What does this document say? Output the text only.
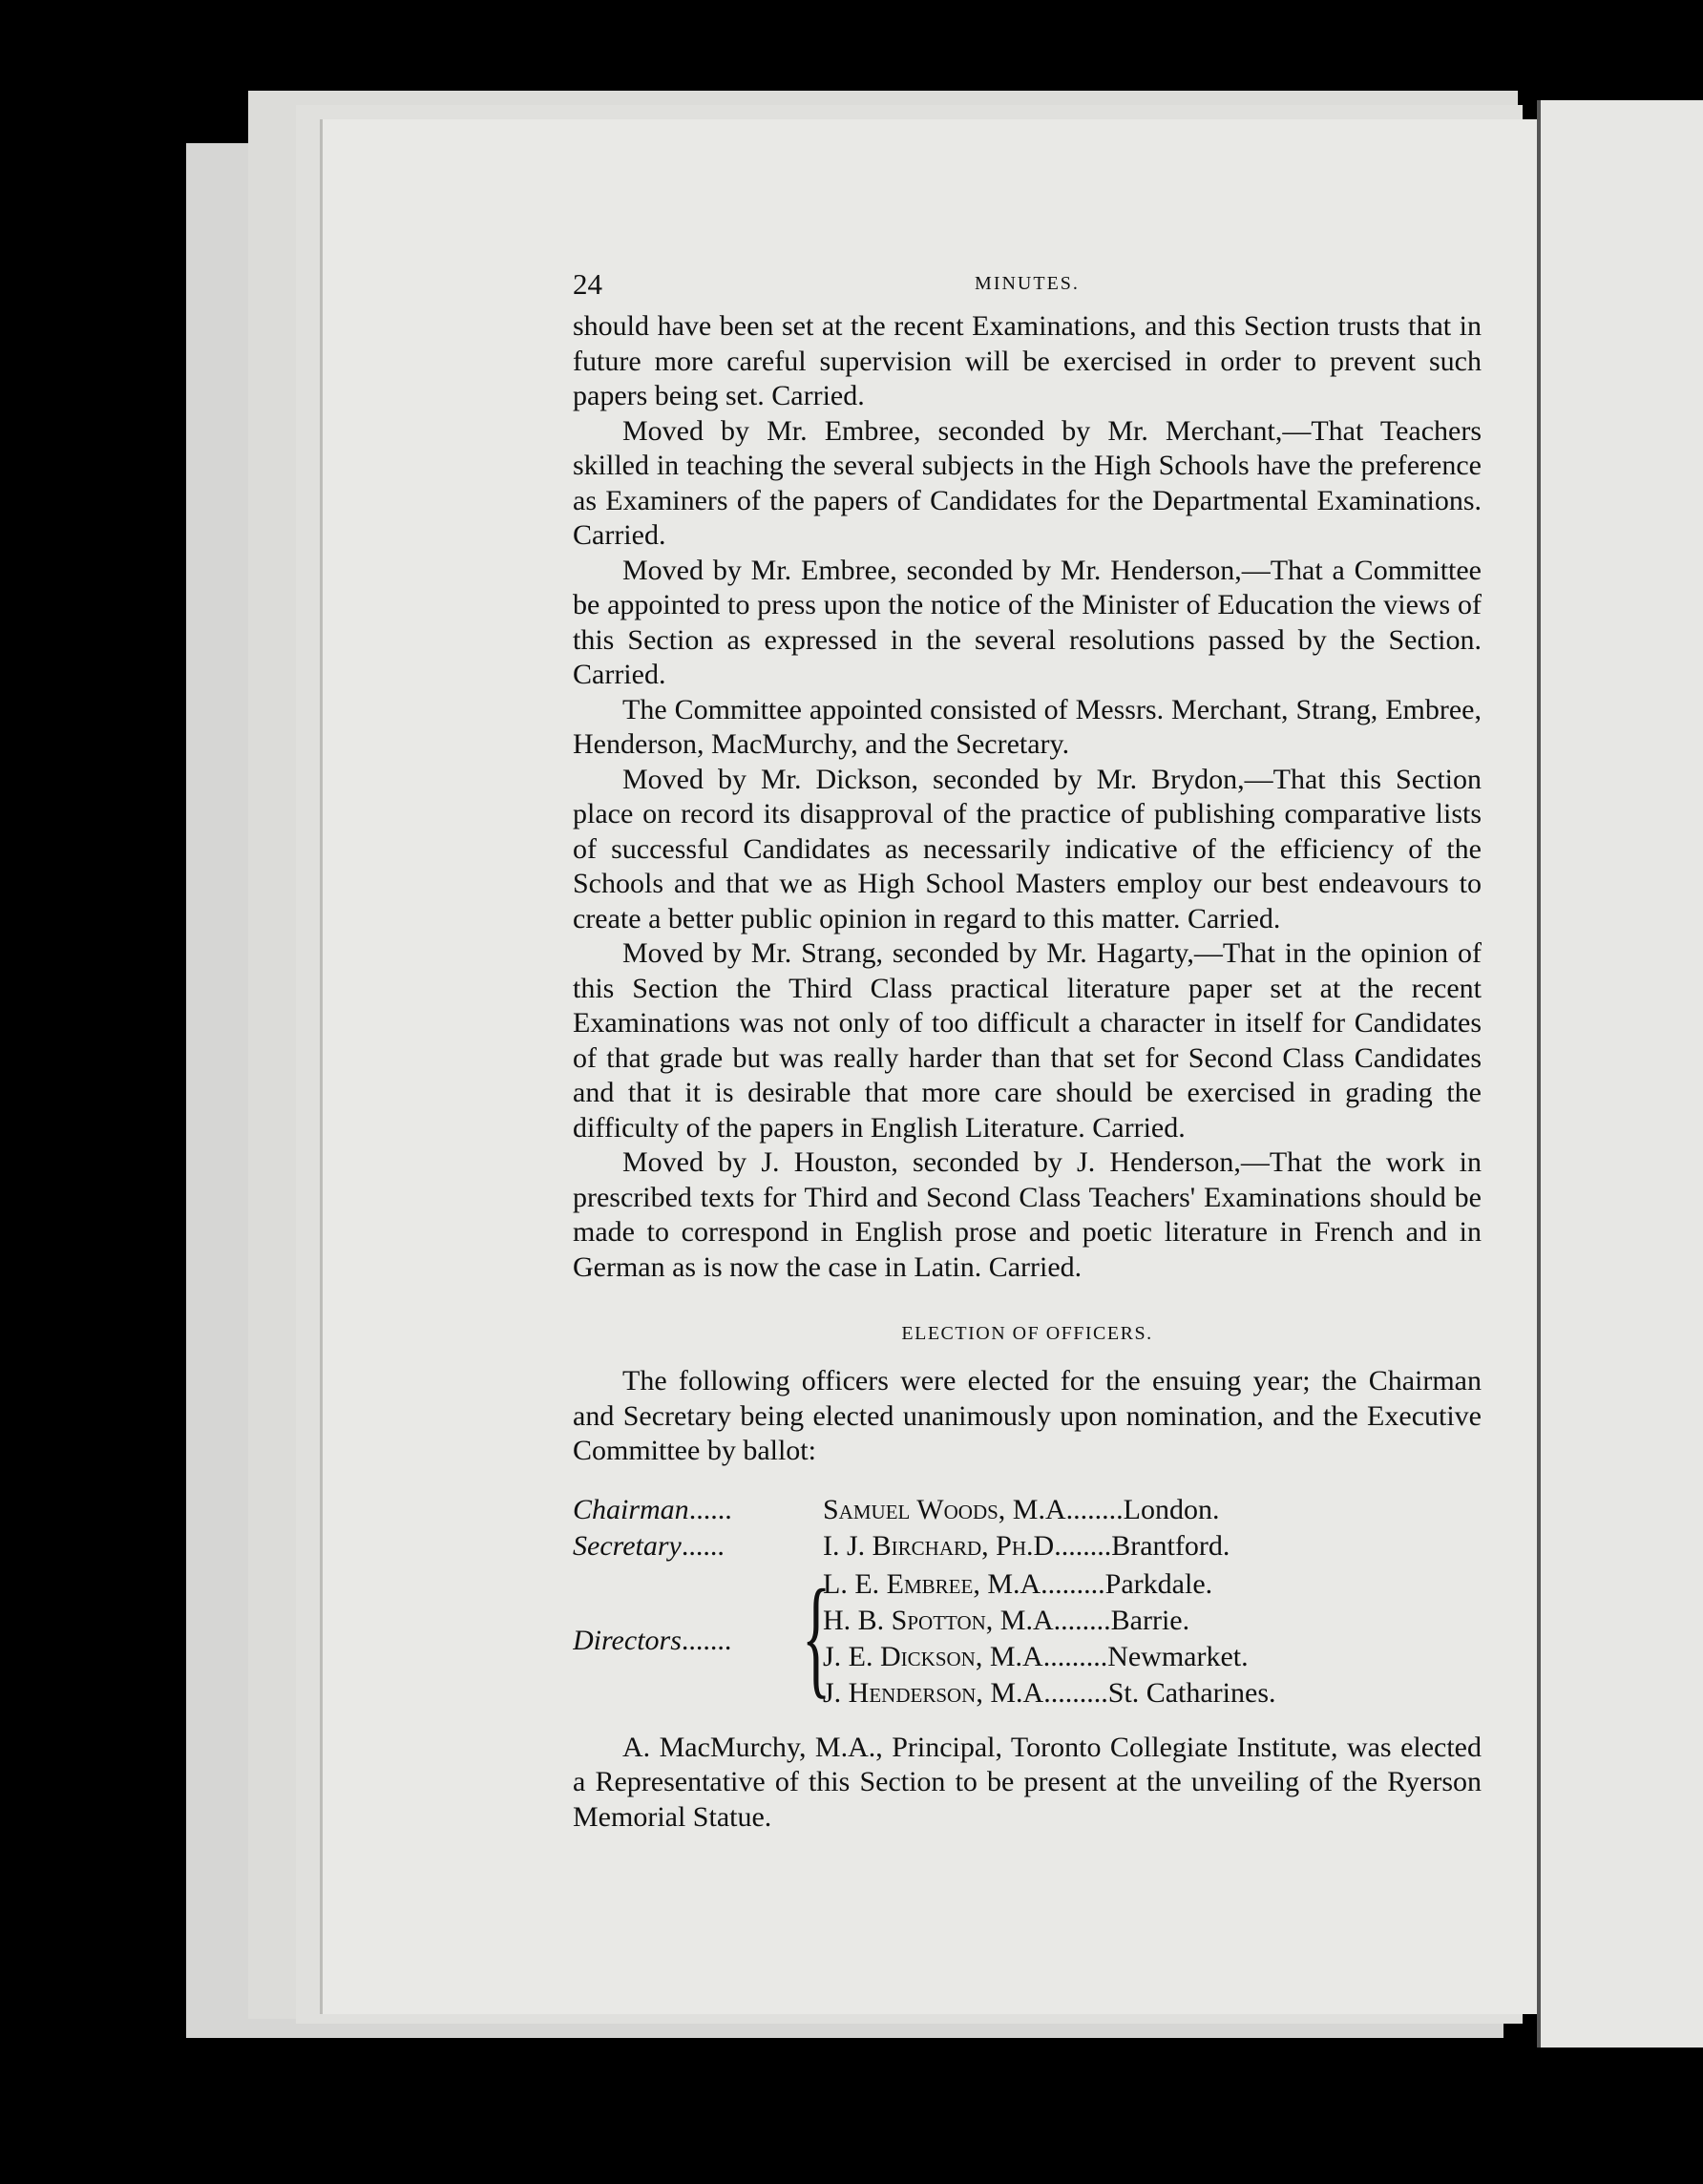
24	MINUTES.

should have been set at the recent Examinations, and this Section trusts that in future more careful supervision will be exercised in order to prevent such papers being set. Carried.

Moved by Mr. Embree, seconded by Mr. Merchant,—That Teachers skilled in teaching the several subjects in the High Schools have the preference as Examiners of the papers of Candidates for the Departmental Examinations. Carried.

Moved by Mr. Embree, seconded by Mr. Henderson,—That a Committee be appointed to press upon the notice of the Minister of Education the views of this Section as expressed in the several resolutions passed by the Section. Carried.

The Committee appointed consisted of Messrs. Merchant, Strang, Embree, Henderson, MacMurchy, and the Secretary.

Moved by Mr. Dickson, seconded by Mr. Brydon,—That this Section place on record its disapproval of the practice of publishing comparative lists of successful Candidates as necessarily indicative of the efficiency of the Schools and that we as High School Masters employ our best endeavours to create a better public opinion in regard to this matter. Carried.

Moved by Mr. Strang, seconded by Mr. Hagarty,—That in the opinion of this Section the Third Class practical literature paper set at the recent Examinations was not only of too difficult a character in itself for Candidates of that grade but was really harder than that set for Second Class Candidates and that it is desirable that more care should be exercised in grading the difficulty of the papers in English Literature. Carried.

Moved by J. Houston, seconded by J. Henderson,—That the work in prescribed texts for Third and Second Class Teachers' Examinations should be made to correspond in English prose and poetic literature in French and in German as is now the case in Latin. Carried.

ELECTION OF OFFICERS.

The following officers were elected for the ensuing year; the Chairman and Secretary being elected unanimously upon nomination, and the Executive Committee by ballot:

Chairman......	Samuel Woods, M.A........London.
Secretary......	I. J. Birchard, Ph.D........Brantford.
Directors....... {
L. E. Embree, M.A.........Parkdale.
H. B. Spotton, M.A........Barrie.
J. E. Dickson, M.A.........Newmarket.
J. Henderson, M.A.........St. Catharines.

A. MacMurchy, M.A., Principal, Toronto Collegiate Institute, was elected a Representative of this Section to be present at the unveiling of the Ryerson Memorial Statue.
